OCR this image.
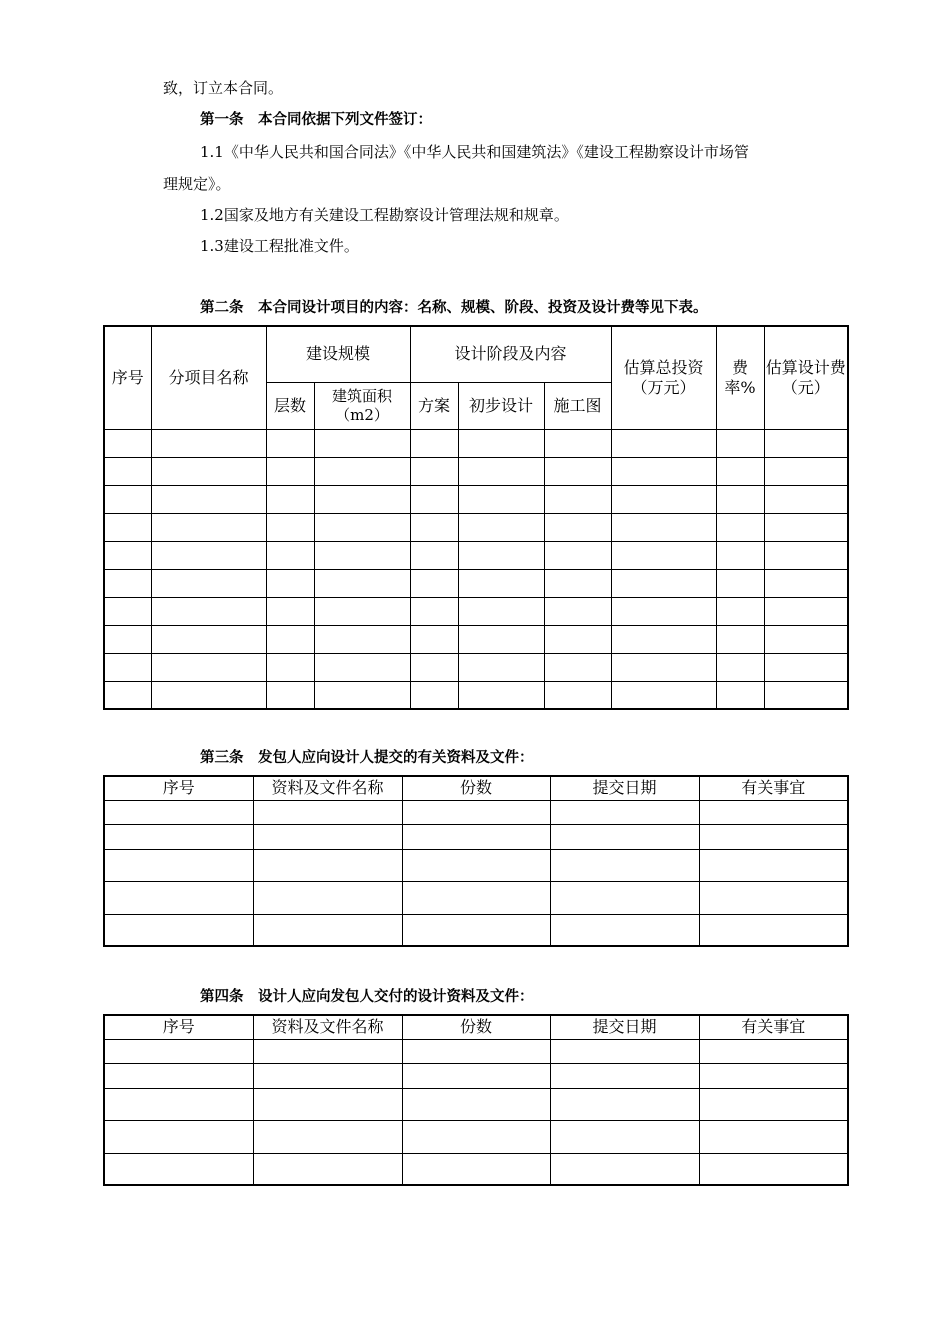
致，订立本合同。
第一条　本合同依据下列文件签订：
1.1《中华人民共和国合同法》《中华人民共和国建筑法》《建设工程勘察设计市场管
理规定》。
1.2国家及地方有关建设工程勘察设计管理法规和规章。
1.3建设工程批准文件。
第二条　本合同设计项目的内容：名称、规模、阶段、投资及设计费等见下表。
序号	分项目名称	建设规模		设计阶段及内容			估算总投资（万元）	费率%	估算设计费（元）
		层数	建筑面积（m2）	方案	初步设计	施工图			

第三条　发包人应向设计人提交的有关资料及文件：
序号	资料及文件名称	份数	提交日期	有关事宜

第四条　设计人应向发包人交付的设计资料及文件：
序号	资料及文件名称	份数	提交日期	有关事宜
